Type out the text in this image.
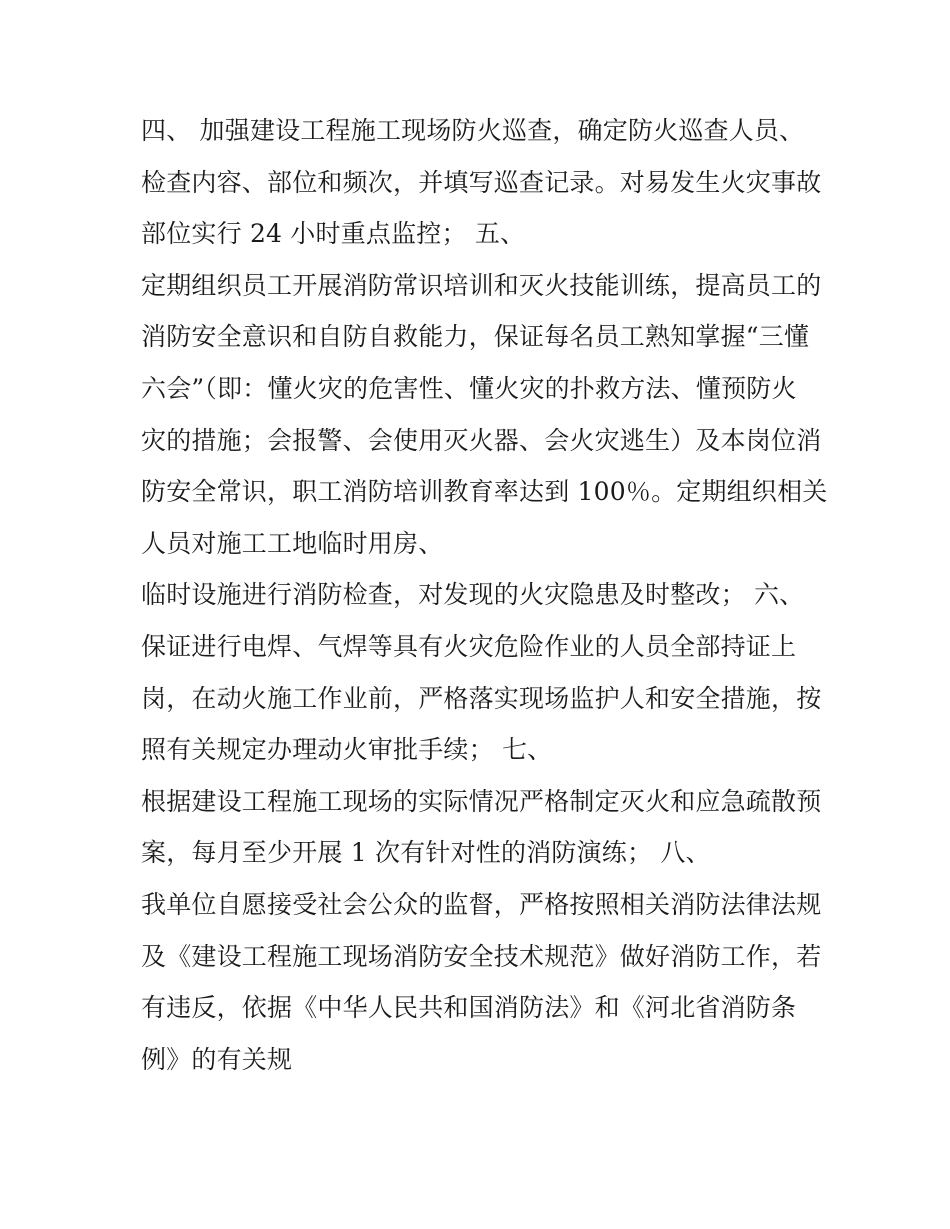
四、 加强建设工程施工现场防火巡查，确定防火巡查人员、
检查内容、部位和频次，并填写巡查记录。对易发生火灾事故
部位实行 24 小时重点监控； 五、
定期组织员工开展消防常识培训和灭火技能训练，提高员工的
消防安全意识和自防自救能力，保证每名员工熟知掌握“三懂
六会”（即：懂火灾的危害性、懂火灾的扑救方法、懂预防火
灾的措施；会报警、会使用灭火器、会火灾逃生）及本岗位消
防安全常识，职工消防培训教育率达到 100％。定期组织相关
人员对施工工地临时用房、
临时设施进行消防检查，对发现的火灾隐患及时整改； 六、
保证进行电焊、气焊等具有火灾危险作业的人员全部持证上
岗，在动火施工作业前，严格落实现场监护人和安全措施，按
照有关规定办理动火审批手续； 七、
根据建设工程施工现场的实际情况严格制定灭火和应急疏散预
案，每月至少开展 1 次有针对性的消防演练； 八、
我单位自愿接受社会公众的监督，严格按照相关消防法律法规
及《建设工程施工现场消防安全技术规范》做好消防工作，若
有违反，依据《中华人民共和国消防法》和《河北省消防条
例》的有关规
